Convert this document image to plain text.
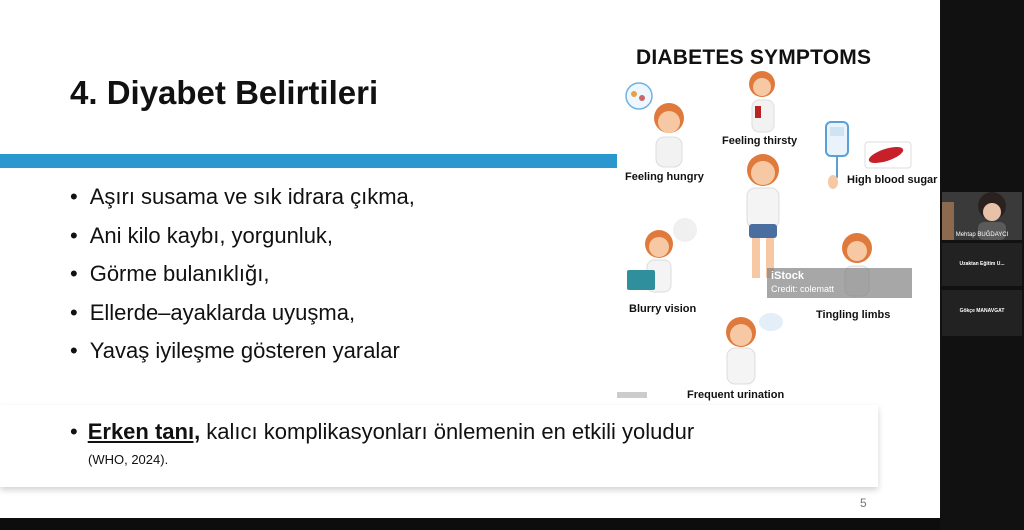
4. Diyabet Belirtileri
• Aşırı susama ve sık idrara çıkma,
• Ani kilo kaybı, yorgunluk,
• Görme bulanıklığı,
• Ellerde–ayaklarda uyuşma,
• Yavaş iyileşme gösteren yaralar
DIABETES SYMPTOMS
Feeling hungry
Feeling thirsty
High blood sugar
Blurry vision	Tingling limbs
Frequent urination
iStock
Credit: colematt
• Erken tanı, kalıcı komplikasyonları önlemenin en etkili yoludur
(WHO, 2024).
5
Mehtap BUĞDAYCI
Uzaktan Eğitim U...
Gökçe MANAVGAT
